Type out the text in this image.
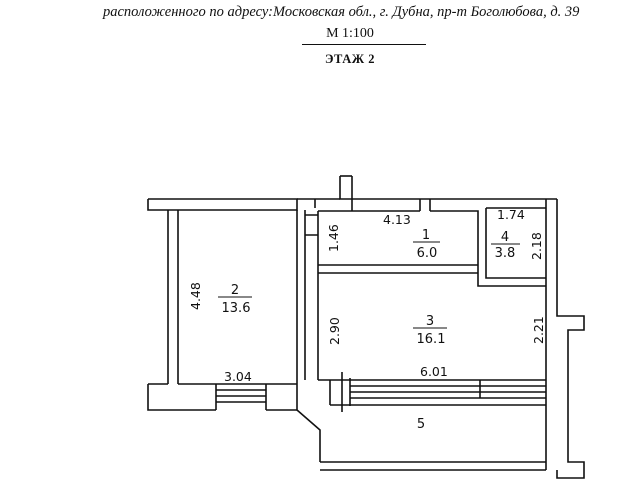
расположенного по адресу:Московская обл., г. Дубна, пр-т Боголюбова, д. 39
М 1:100
ЭТАЖ 2
4.13
1.46
1.74
2.18
4.48
2.90	2.21
3.04	6.01
1
6.0
2
13.6
3
16.1
4
3.8
5
